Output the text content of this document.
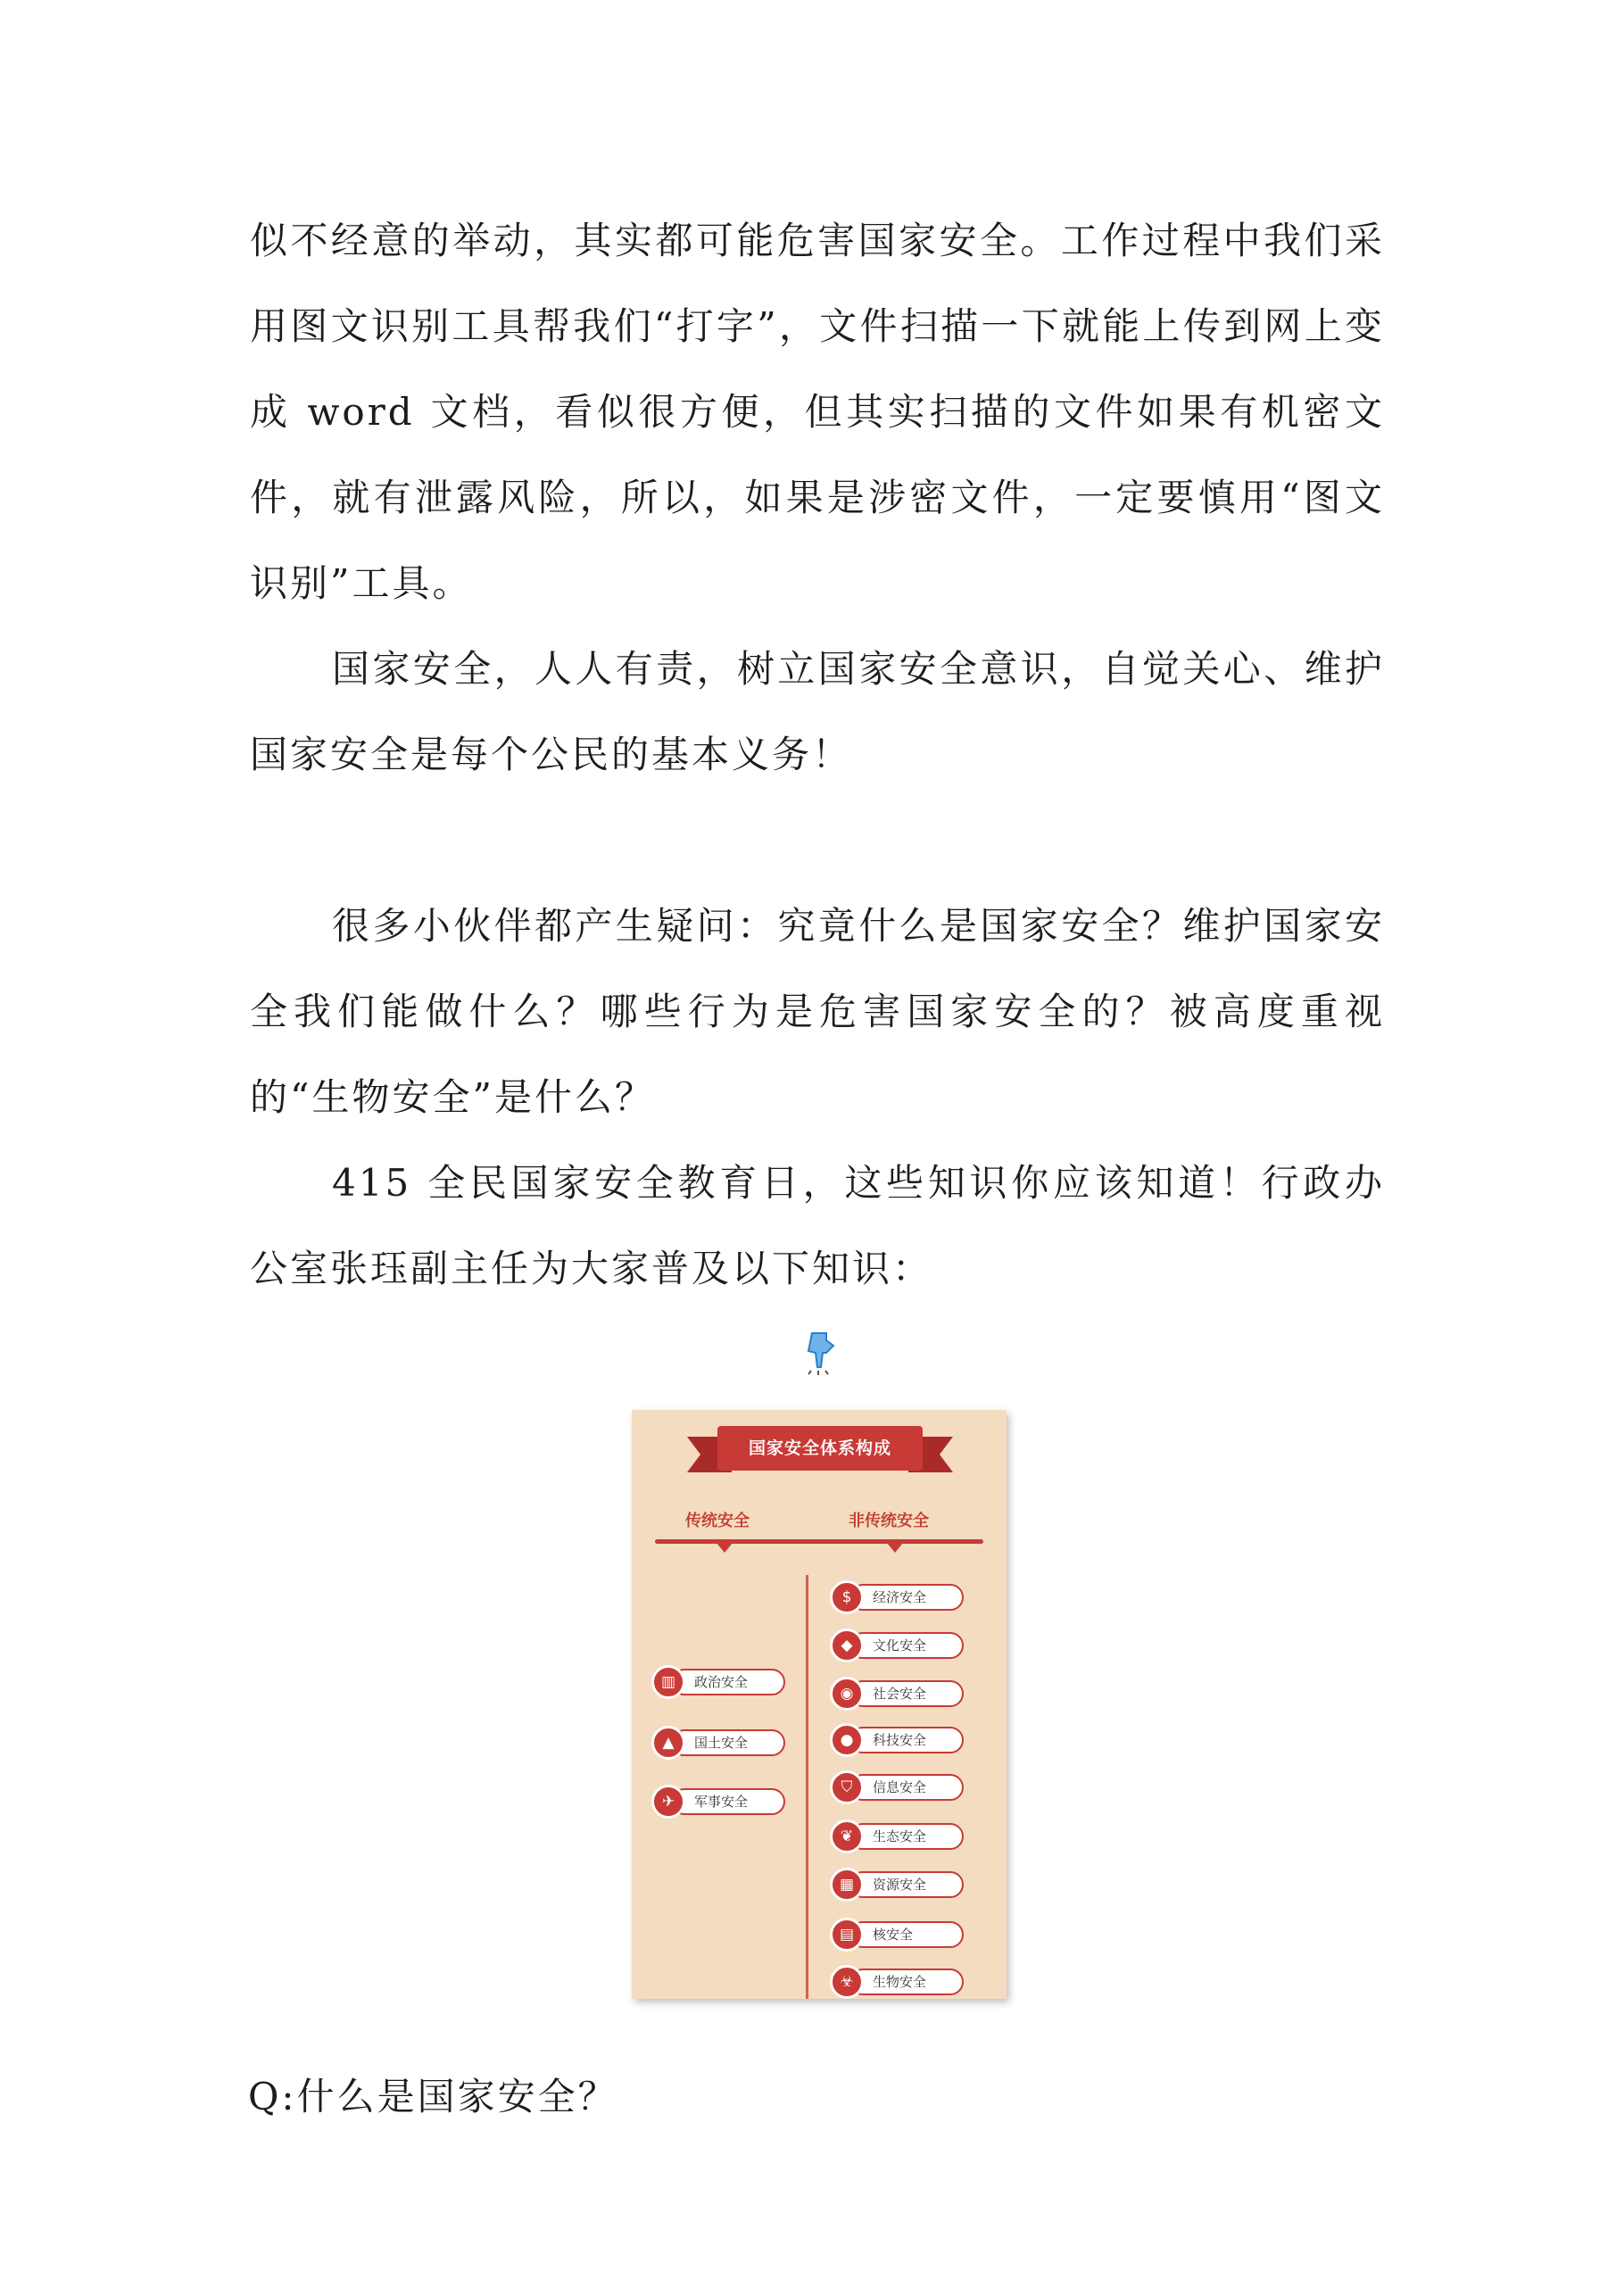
似不经意的举动，其实都可能危害国家安全。工作过程中我们采用图文识别工具帮我们“打字”，文件扫描一下就能上传到网上变成 word 文档，看似很方便，但其实扫描的文件如果有机密文件，就有泄露风险，所以，如果是涉密文件，一定要慎用“图文识别”工具。

国家安全，人人有责，树立国家安全意识，自觉关心、维护国家安全是每个公民的基本义务！

很多小伙伴都产生疑问：究竟什么是国家安全？维护国家安全我们能做什么？哪些行为是危害国家安全的？被高度重视的“生物安全”是什么？

415 全民国家安全教育日，这些知识你应该知道！行政办公室张珏副主任为大家普及以下知识：

国家安全体系构成
传统安全	非传统安全
▥	政治安全
▲	国土安全
✈	军事安全
$	经济安全
◆	文化安全
◉	社会安全
●	科技安全
⛉	信息安全
❦	生态安全
▦	资源安全
▤	核安全
☣	生物安全
Q:什么是国家安全？
